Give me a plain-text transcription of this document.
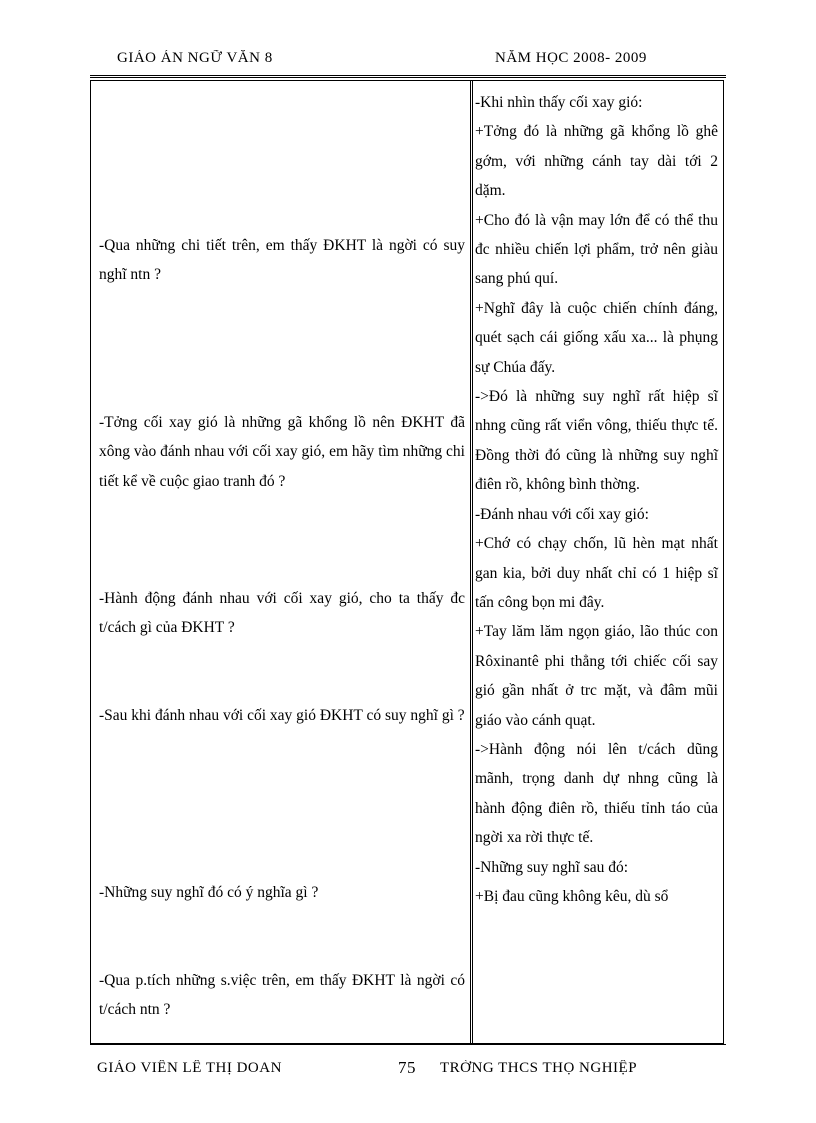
GIÁO ÁN NGỮ VĂN 8	NĂM HỌC 2008- 2009

-Qua những chi tiết trên, em thấy ĐKHT là ngời có suy nghĩ ntn ?

-Tởng cối xay gió là những gã khổng lồ nên ĐKHT đã xông vào đánh nhau với cối xay gió, em hãy tìm những chi tiết kể về cuộc giao tranh đó ?

-Hành động đánh nhau với cối xay gió, cho ta thấy đc t/cách gì của ĐKHT ?

-Sau khi đánh nhau với cối xay gió ĐKHT có suy nghĩ gì ?

-Những suy nghĩ đó có ý nghĩa gì ?

-Qua p.tích những s.việc trên, em thấy ĐKHT là ngời có t/cách ntn ?

-Khi nhìn thấy cối xay gió:

+Tởng đó là những gã khổng lồ ghê gớm, với những cánh tay dài tới 2 dặm.

+Cho đó là vận may lớn để có thể thu đc nhiều chiến lợi phẩm, trở nên giàu sang phú quí.

+Nghĩ đây là cuộc chiến chính đáng, quét sạch cái giống xấu xa... là phụng sự Chúa đấy.

->Đó là những suy nghĩ rất hiệp sĩ nhng cũng rất viển vông, thiếu thực tế. Đồng thời đó cũng là những suy nghĩ điên rồ, không bình thờng.

-Đánh nhau với cối xay gió:

+Chớ có chạy chốn, lũ hèn mạt nhất gan kia, bởi duy nhất chỉ có 1 hiệp sĩ tấn công bọn mi đây.

+Tay lăm lăm ngọn giáo, lão thúc con Rôxinantê phi thẳng tới chiếc cối say gió gần nhất ở trc mặt, và đâm mũi giáo vào cánh quạt.

->Hành động nói lên t/cách dũng mãnh, trọng danh dự nhng cũng là hành động điên rồ, thiếu tỉnh táo của ngời xa rời thực tế.

-Những suy nghĩ sau đó:

+Bị đau cũng không kêu, dù sổ

GIÁO VIÊN LÊ THỊ DOAN	75 TRỜNG THCS THỌ NGHIỆP
